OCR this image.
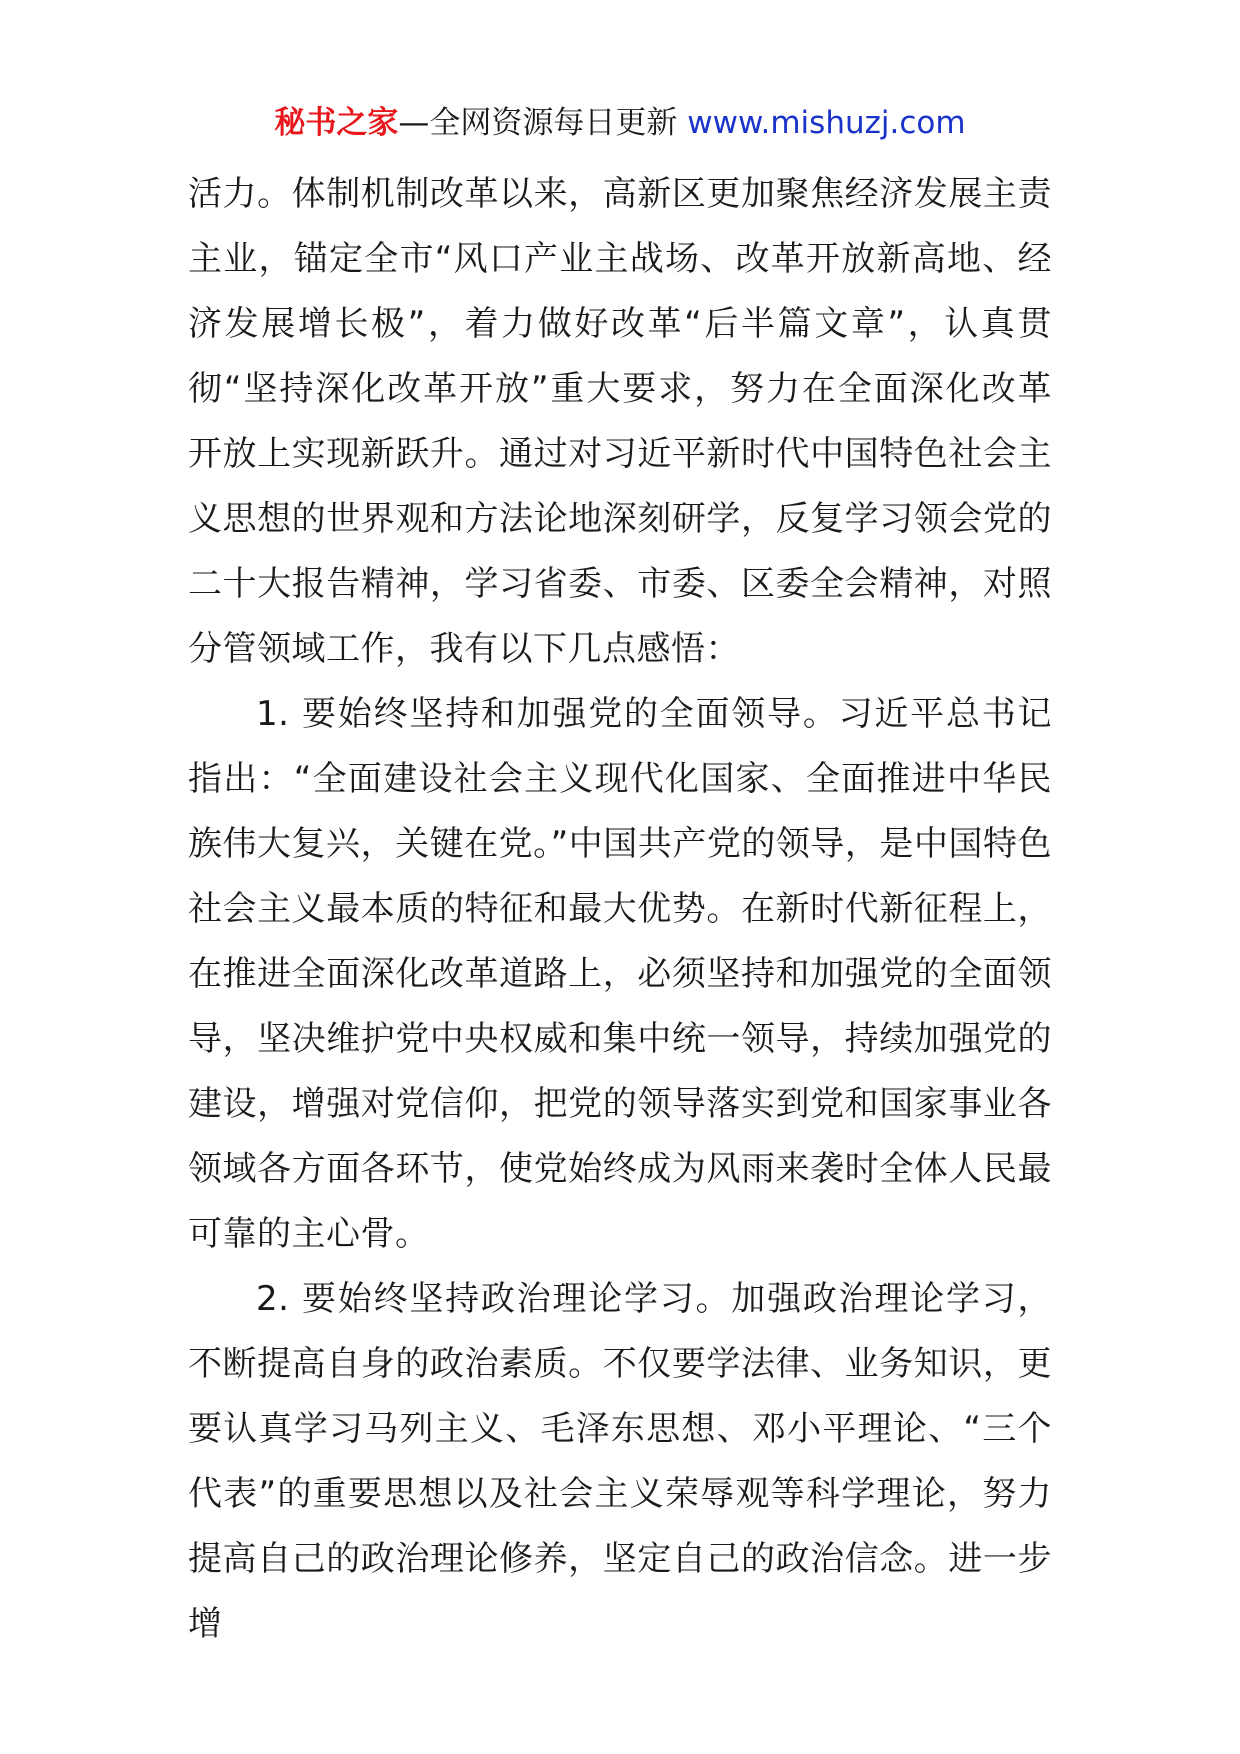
秘书之家—全网资源每日更新 www.mishuzj.com

活力。体制机制改革以来，高新区更加聚焦经济发展主责主业，锚定全市“风口产业主战场、改革开放新高地、经济发展增长极”，着力做好改革“后半篇文章”，认真贯彻“坚持深化改革开放”重大要求，努力在全面深化改革开放上实现新跃升。通过对习近平新时代中国特色社会主义思想的世界观和方法论地深刻研学，反复学习领会党的二十大报告精神，学习省委、市委、区委全会精神，对照分管领域工作，我有以下几点感悟：

1. 要始终坚持和加强党的全面领导。习近平总书记指出：“全面建设社会主义现代化国家、全面推进中华民族伟大复兴，关键在党。”中国共产党的领导，是中国特色社会主义最本质的特征和最大优势。在新时代新征程上，在推进全面深化改革道路上，必须坚持和加强党的全面领导，坚决维护党中央权威和集中统一领导，持续加强党的建设，增强对党信仰，把党的领导落实到党和国家事业各领域各方面各环节，使党始终成为风雨来袭时全体人民最可靠的主心骨。

2. 要始终坚持政治理论学习。加强政治理论学习，不断提高自身的政治素质。不仅要学法律、业务知识，更要认真学习马列主义、毛泽东思想、邓小平理论、“三个代表”的重要思想以及社会主义荣辱观等科学理论，努力提高自己的政治理论修养，坚定自己的政治信念。进一步增
